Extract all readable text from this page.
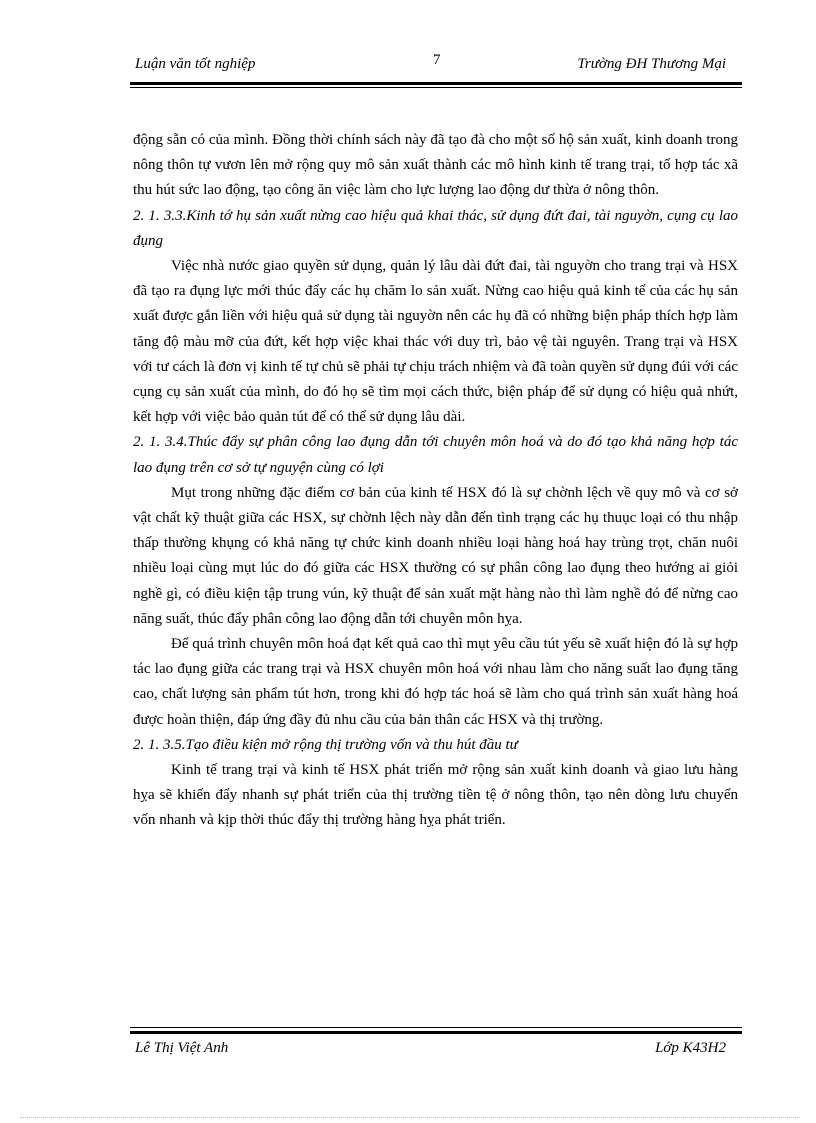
Luận văn tốt nghiệp	7	Trường ĐH Thương Mại

động sẵn có của mình. Đồng thời chính sách này đã tạo đà cho một số hộ sản xuất, kinh doanh trong nông thôn tự vươn lên mở rộng quy mô sản xuất thành các mô hình kinh tế trang trại, tổ hợp tác xã thu hút sức lao động, tạo công ăn việc làm cho lực lượng lao động dư thừa ở nông thôn.

2. 1. 3.3.Kinh tớ hụ sản xuất nừng cao hiệu quả khai thác, sử dụng đứt đai, tài nguyờn, cụng cụ lao đụng

Việc nhà nước giao quyền sử dụng, quản lý lâu dài đứt đai, tài nguyờn cho trang trại và HSX đã tạo ra đụng lực mới thúc đẩy các hụ chăm lo sản xuất. Nừng cao hiệu quả kinh tế của các hụ sản xuất được gắn liền với hiệu quả sử dụng tài nguyờn nên các hụ đã có những biện pháp thích hợp làm tăng độ màu mỡ của đứt, kết hợp việc khai thác với duy trì, bảo vệ tài nguyên. Trang trại và HSX với tư cách là đơn vị kinh tế tự chủ sẽ phải tự chịu trách nhiệm và đã toàn quyền sử dụng đúi với các cụng cụ sản xuất của mình, do đó họ sẽ tìm mọi cách thức, biện pháp để sử dụng có hiệu quả nhứt, kết hợp với việc bảo quản tút để có thể sử dụng lâu dài.

2. 1. 3.4.Thúc đẩy sự phân công lao đụng dẫn tới chuyên môn hoá và do đó tạo khả năng hợp tác lao đụng trên cơ sở tự nguyện cùng có lợi

Mụt trong những đặc điểm cơ bản của kinh tế HSX đó là sự chờnh lệch về quy mô và cơ sở vật chất kỹ thuật giữa các HSX, sự chờnh lệch này dẫn đến tình trạng các hụ thuục loại có thu nhập thấp thường khụng có khả năng tự chức kinh doanh nhiều loại hàng hoá hay trùng trọt, chăn nuôi nhiều loại cùng mụt lúc do đó giữa các HSX thường có sự phân công lao đụng theo hướng ai giỏi nghề gì, có điều kiện tập trung vún, kỹ thuật để sản xuất mặt hàng nào thì làm nghề đó để nừng cao năng suất, thúc đẩy phân công lao động dẫn tới chuyên môn hỵa.

Để quá trình chuyên môn hoá đạt kết quả cao thì mụt yêu cầu tút yếu sẽ xuất hiện đó là sự hợp tác lao đụng giữa các trang trại và HSX chuyên môn hoá với nhau làm cho năng suất lao đụng tăng cao, chất lượng sản phẩm tút hơn, trong khi đó hợp tác hoá sẽ làm cho quá trình sản xuất hàng hoá được hoàn thiện, đáp ứng đầy đủ nhu cầu của bản thân các HSX và thị trường.

2. 1. 3.5.Tạo điều kiện mở rộng thị trường vốn và thu hút đầu tư

Kinh tế trang trại và kinh tế HSX phát triển mở rộng sản xuất kinh doanh và giao lưu hàng hỵa sẽ khiến đẩy nhanh sự phát triển của thị trường tiền tệ ở nông thôn, tạo nên dòng lưu chuyển vốn nhanh và kịp thời thúc đẩy thị trường hàng hỵa phát triển.

Lê Thị Việt Anh	Lớp K43H2
